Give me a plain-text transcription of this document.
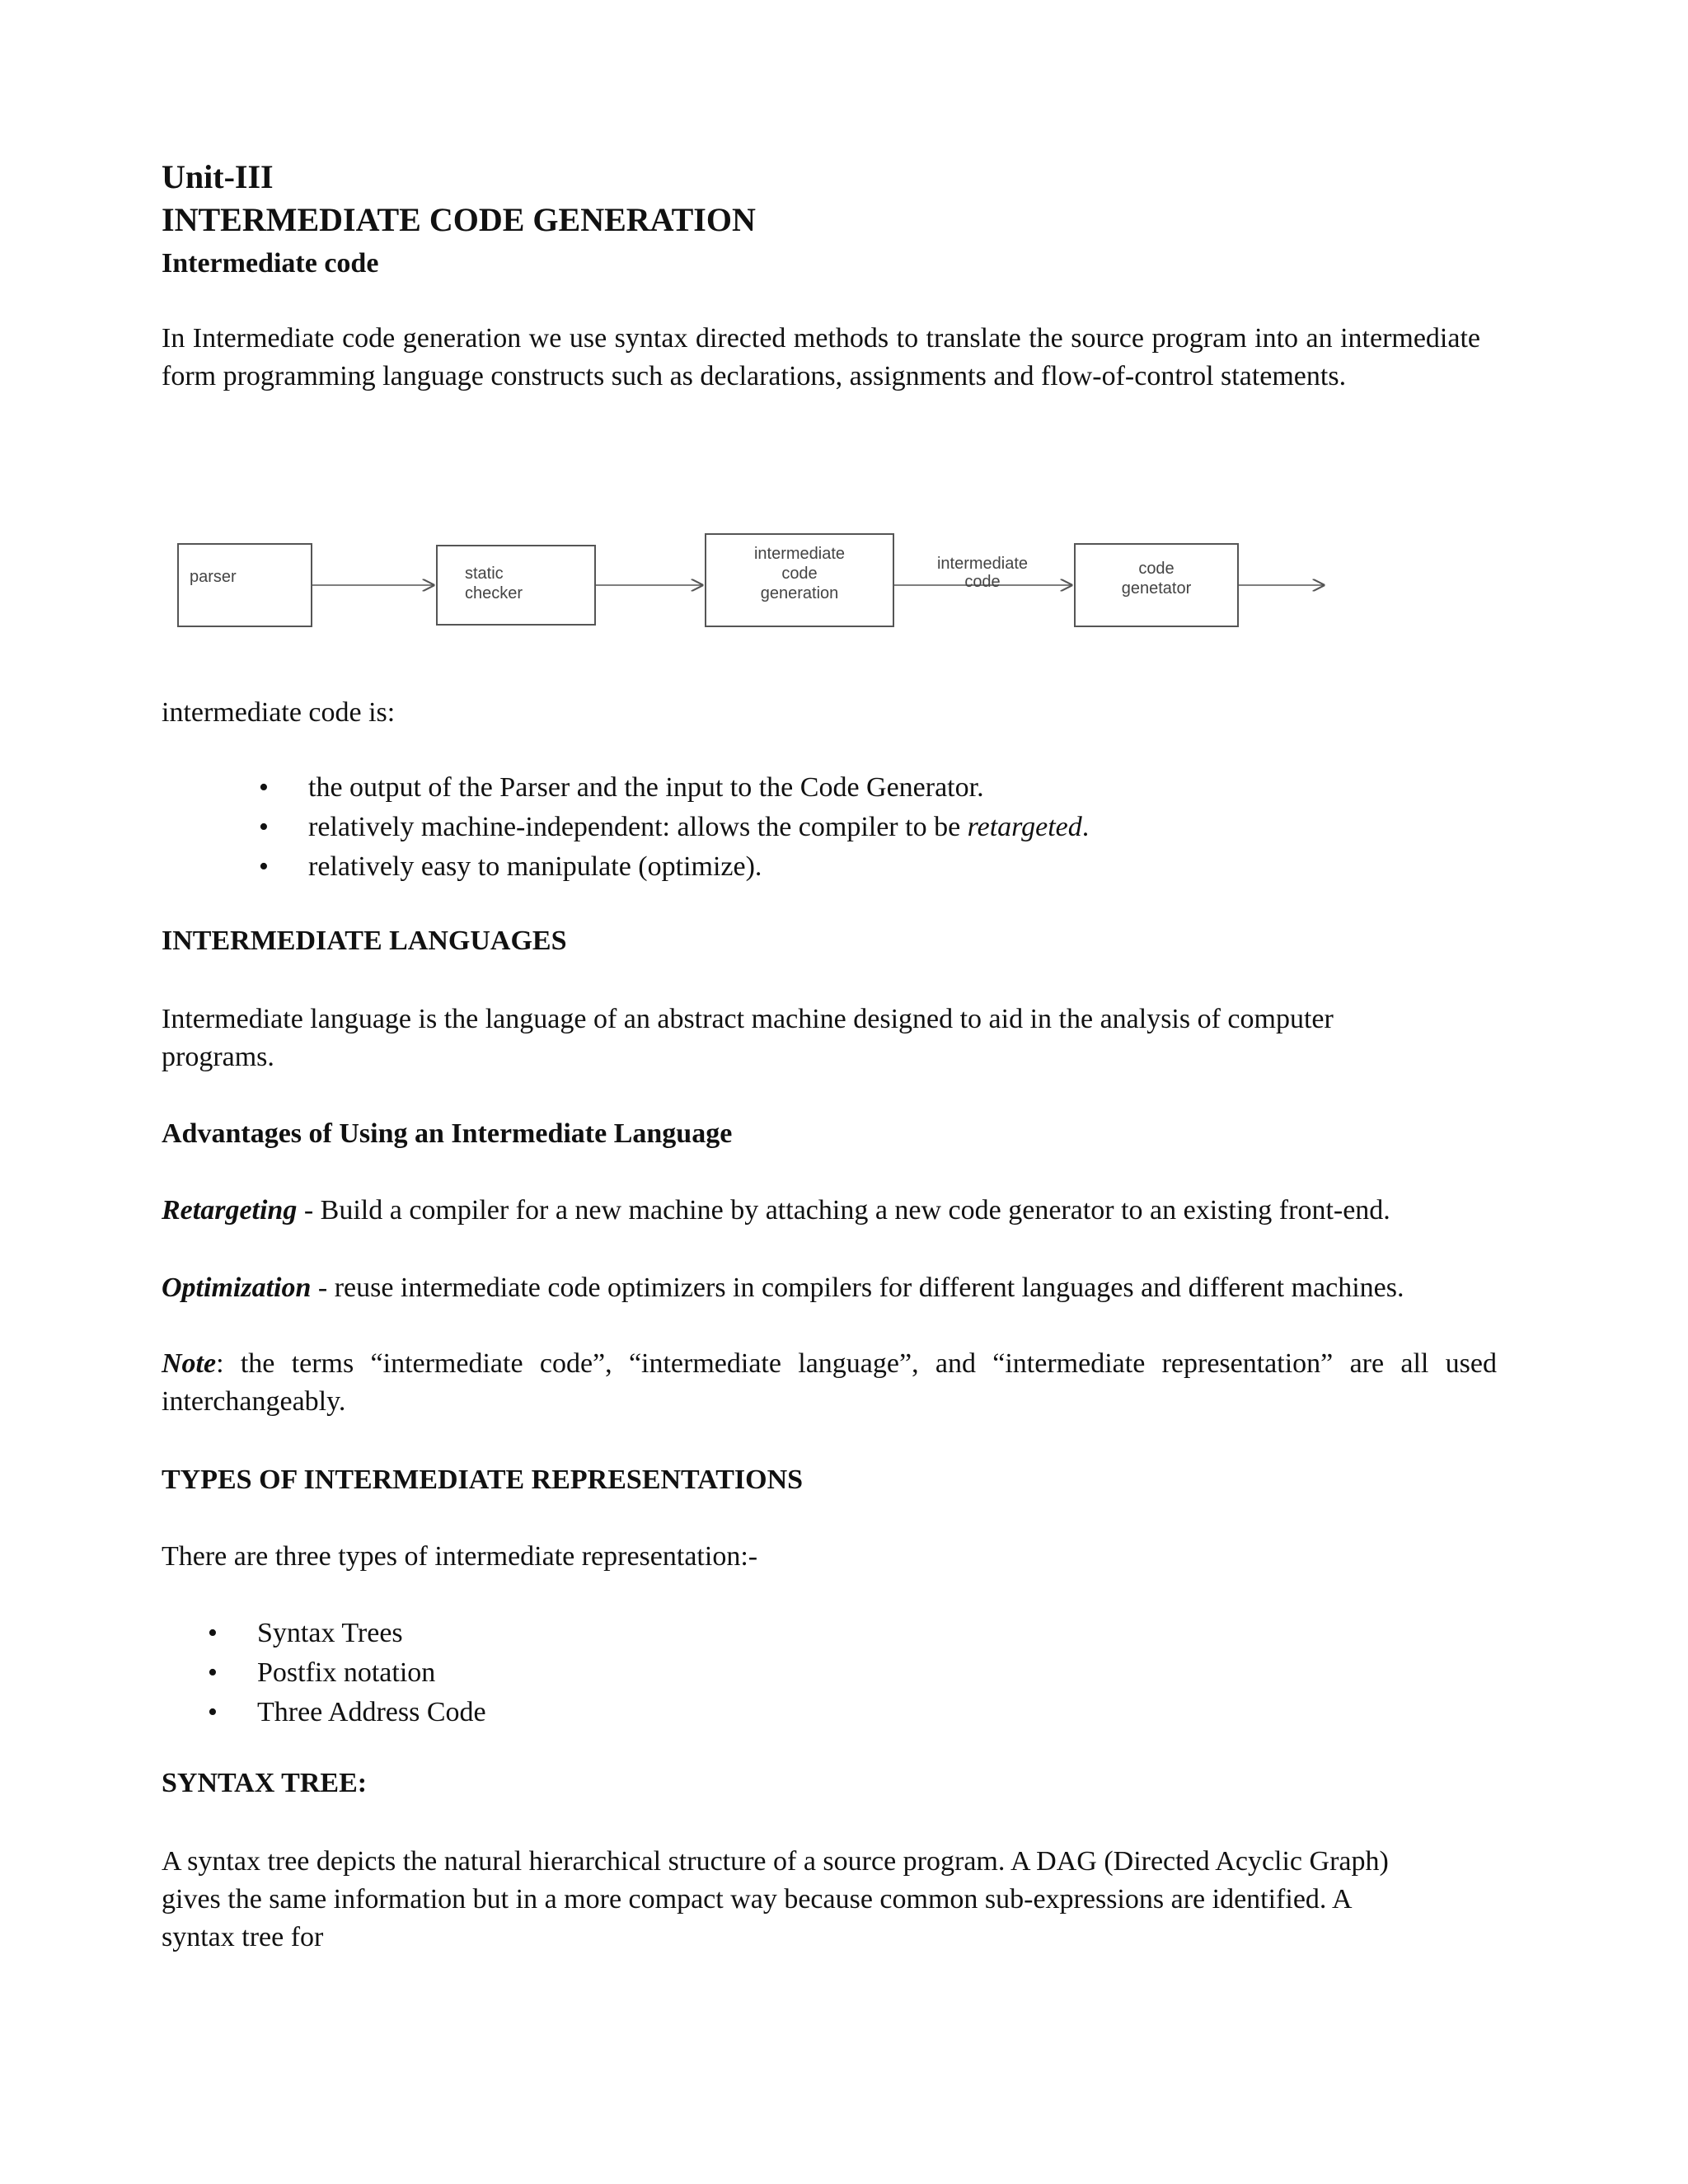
Unit-III
INTERMEDIATE CODE GENERATION
Intermediate code

In Intermediate code generation we use syntax directed methods to translate the source program into an intermediate form programming language constructs such as declarations, assignments and flow-of-control statements.

parser	static
checker
intermediate
code
generation
intermediate
code
code
genetator
intermediate code is:
• the output of the Parser and the input to the Code Generator.
• relatively machine-independent: allows the compiler to be retargeted.
• relatively easy to manipulate (optimize).
INTERMEDIATE LANGUAGES

Intermediate language is the language of an abstract machine designed to aid in the analysis of computer programs.

Advantages of Using an Intermediate Language

Retargeting - Build a compiler for a new machine by attaching a new code generator to an existing front-end.

Optimization - reuse intermediate code optimizers in compilers for different languages and different machines.

Note: the terms “intermediate code”, “intermediate language”, and “intermediate representation” are all used interchangeably.

TYPES OF INTERMEDIATE REPRESENTATIONS
There are three types of intermediate representation:-
• Syntax Trees
• Postfix notation
• Three Address Code
SYNTAX TREE:

A syntax tree depicts the natural hierarchical structure of a source program. A DAG (Directed Acyclic Graph) gives the same information but in a more compact way because common sub-expressions are identified. A syntax tree for
